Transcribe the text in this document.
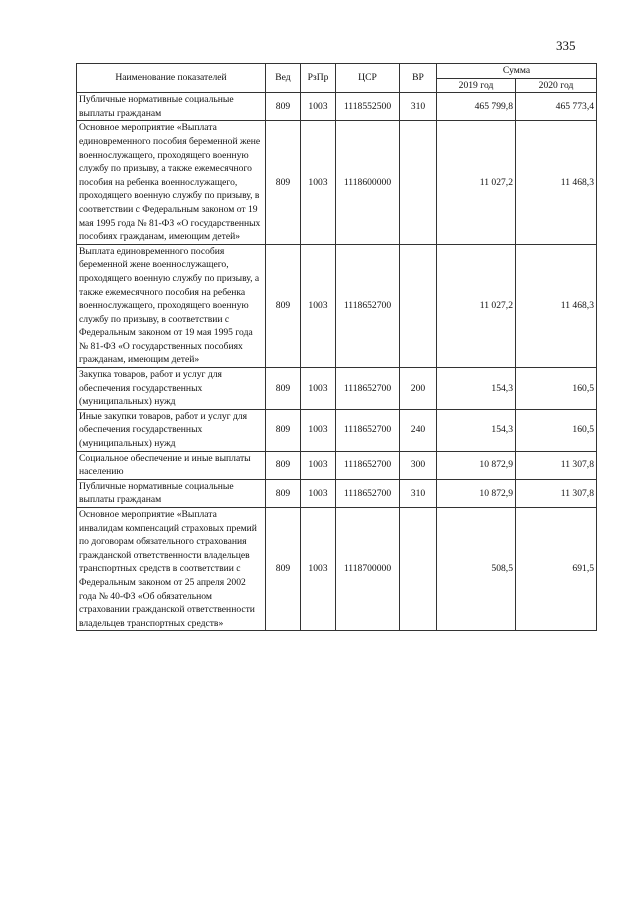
335
Наименование показателей	Вед	РзПр	ЦСР	ВР	Сумма	
					2019 год	2020 год
Публичные нормативные социальные выплаты гражданам	809	1003	1118552500	310	465 799,8	465 773,4
Основное мероприятие «Выплата единовременного пособия беременной жене военнослужащего, проходящего военную службу по призыву, а также ежемесячного пособия на ребенка военнослужащего, проходящего военную службу по призыву, в соответствии с Федеральным законом от 19 мая 1995 года № 81-ФЗ «О государственных пособиях гражданам, имеющим детей»	809	1003	1118600000		11 027,2	11 468,3
Выплата единовременного пособия беременной жене военнослужащего, проходящего военную службу по призыву, а также ежемесячного пособия на ребенка военнослужащего, проходящего военную службу по призыву, в соответствии с Федеральным законом от 19 мая 1995 года № 81-ФЗ «О государственных пособиях гражданам, имеющим детей»	809	1003	1118652700		11 027,2	11 468,3
Закупка товаров, работ и услуг для обеспечения государственных (муниципальных) нужд	809	1003	1118652700	200	154,3	160,5
Иные закупки товаров, работ и услуг для обеспечения государственных (муниципальных) нужд	809	1003	1118652700	240	154,3	160,5
Социальное обеспечение и иные выплаты населению	809	1003	1118652700	300	10 872,9	11 307,8
Публичные нормативные социальные выплаты гражданам	809	1003	1118652700	310	10 872,9	11 307,8
Основное мероприятие «Выплата инвалидам компенсаций страховых премий по договорам обязательного страхования гражданской ответственности владельцев транспортных средств в соответствии с Федеральным законом от 25 апреля 2002 года № 40-ФЗ «Об обязательном страховании гражданской ответственности владельцев транспортных средств»	809	1003	1118700000		508,5	691,5
